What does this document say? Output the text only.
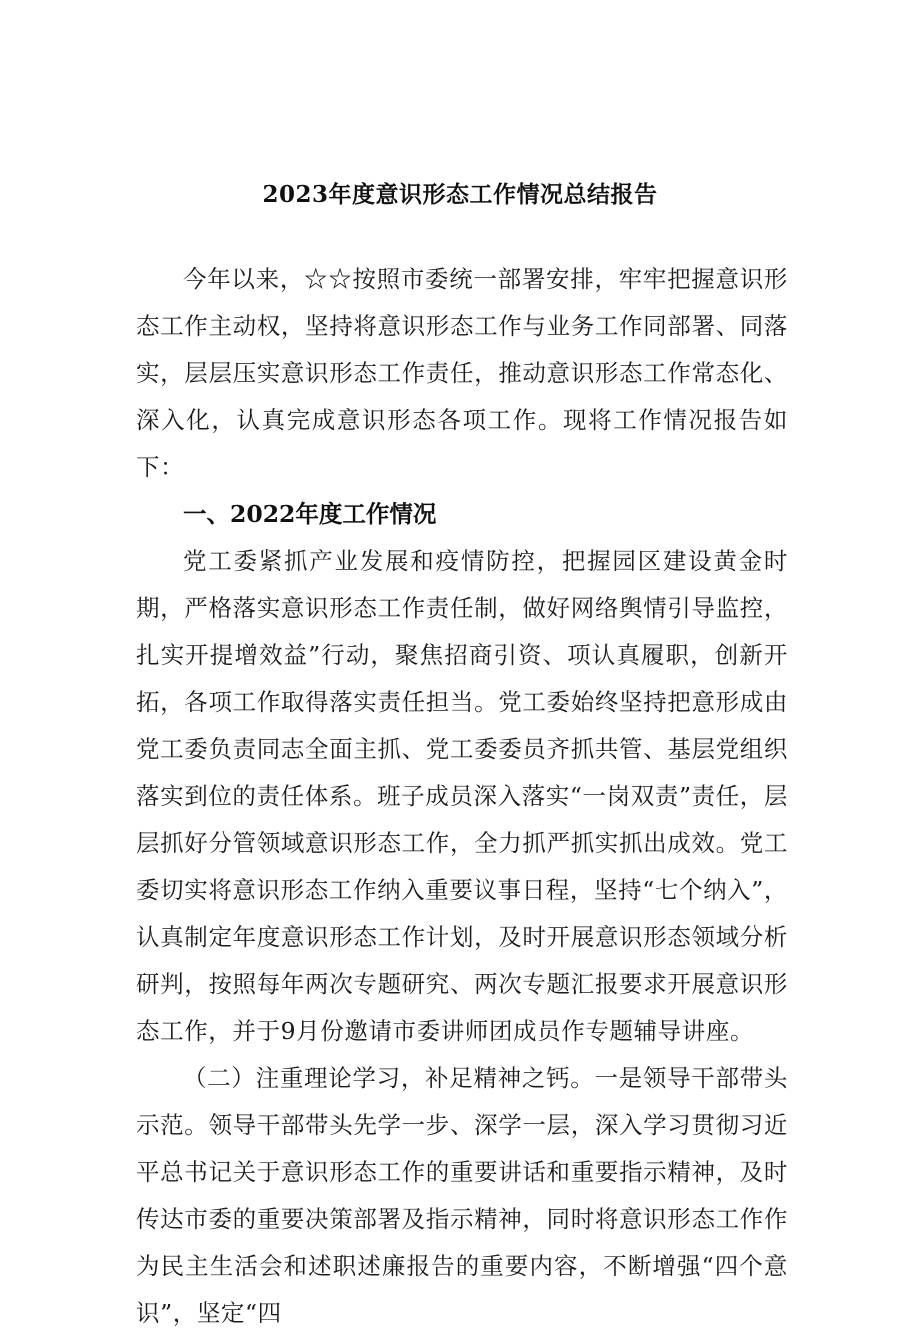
2023年度意识形态工作情况总结报告

今年以来，☆☆按照市委统一部署安排，牢牢把握意识形态工作主动权，坚持将意识形态工作与业务工作同部署、同落实，层层压实意识形态工作责任，推动意识形态工作常态化、深入化，认真完成意识形态各项工作。现将工作情况报告如下：

一、2022年度工作情况

党工委紧抓产业发展和疫情防控，把握园区建设黄金时期，严格落实意识形态工作责任制，做好网络舆情引导监控，扎实开提增效益”行动，聚焦招商引资、项认真履职，创新开拓，各项工作取得落实责任担当。党工委始终坚持把意形成由党工委负责同志全面主抓、党工委委员齐抓共管、基层党组织落实到位的责任体系。班子成员深入落实“一岗双责”责任，层层抓好分管领域意识形态工作，全力抓严抓实抓出成效。党工委切实将意识形态工作纳入重要议事日程，坚持“七个纳入”，认真制定年度意识形态工作计划，及时开展意识形态领域分析研判，按照每年两次专题研究、两次专题汇报要求开展意识形态工作，并于9月份邀请市委讲师团成员作专题辅导讲座。

（二）注重理论学习，补足精神之钙。一是领导干部带头示范。领导干部带头先学一步、深学一层，深入学习贯彻习近平总书记关于意识形态工作的重要讲话和重要指示精神，及时传达市委的重要决策部署及指示精神，同时将意识形态工作作为民主生活会和述职述廉报告的重要内容，不断增强“四个意识”，坚定“四
